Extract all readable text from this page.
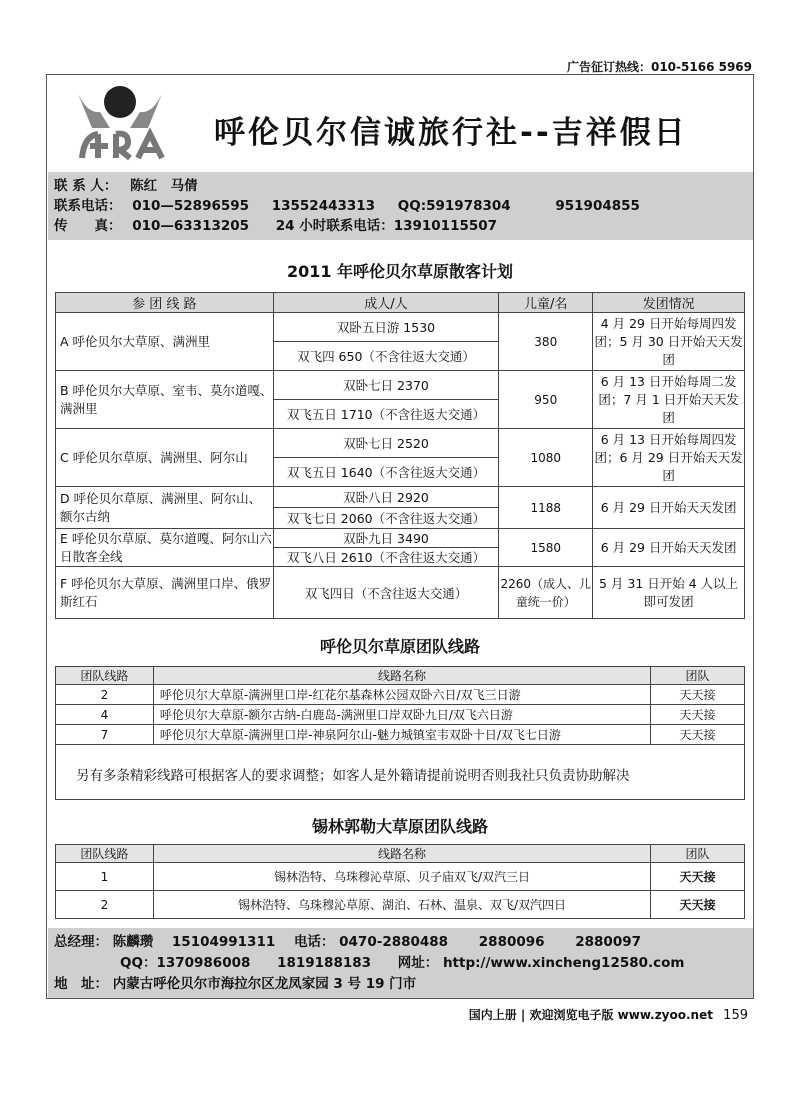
广告征订热线：010-5166 5969
呼伦贝尔信诚旅行社--吉祥假日
联 系 人： 陈红　马倩
联系电话： 010—52896595 13552443313 QQ:591978304	951904855
传　　真： 010—63313205 24 小时联系电话：13910115507
2011 年呼伦贝尔草原散客计划
参 团 线 路	成人/人	儿童/名	发团情况
A 呼伦贝尔大草原、满洲里	双卧五日游 1530	380	4 月 29 日开始每周四发团；5 月 30 日开始天天发团
	双飞四 650（不含往返大交通）		
B 呼伦贝尔大草原、室韦、莫尔道嘎、满洲里	双卧七日 2370	950	6 月 13 日开始每周二发团；7 月 1 日开始天天发团
	双飞五日 1710（不含往返大交通）		
C 呼伦贝尔草原、满洲里、阿尔山	双卧七日 2520	1080	6 月 13 日开始每周四发团；6 月 29 日开始天天发团
	双飞五日 1640（不含往返大交通）		
D 呼伦贝尔草原、满洲里、阿尔山、额尔古纳	双卧八日 2920	1188	6 月 29 日开始天天发团
	双飞七日 2060（不含往返大交通）		
E 呼伦贝尔草原、莫尔道嘎、阿尔山六日散客全线	双卧九日 3490	1580	6 月 29 日开始天天发团
	双飞八日 2610（不含往返大交通）		
F 呼伦贝尔大草原、满洲里口岸、俄罗斯红石	双飞四日（不含往返大交通）	2260（成人、儿童统一价）	5 月 31 日开始 4 人以上即可发团
呼伦贝尔草原团队线路
团队线路	线路名称	团队
2	呼伦贝尔大草原-满洲里口岸-红花尔基森林公园双卧六日/双飞三日游	天天接
4	呼伦贝尔大草原-额尔古纳-白鹿岛-满洲里口岸双卧九日/双飞六日游	天天接
7	呼伦贝尔大草原-满洲里口岸-神泉阿尔山-魅力城镇室韦双卧十日/双飞七日游	天天接
另有多条精彩线路可根据客人的要求调整；如客人是外籍请提前说明否则我社只负责协助解决
锡林郭勒大草原团队线路
团队线路	线路名称	团队
1	锡林浩特、乌珠穆沁草原、贝子庙双飞/双汽三日	天天接
2	锡林浩特、乌珠穆沁草原、湖泊、石林、温泉、双飞/双汽四日	天天接
总经理： 陈麟瓒 15104991311 电话： 0470-2880488 2880096 2880097
QQ：1370986008 1819188183 网址： http://www.xincheng12580.com
地　址： 内蒙古呼伦贝尔市海拉尔区龙凤家园 3 号 19 门市
国内上册 | 欢迎浏览电子版 www.zyoo.net 159
